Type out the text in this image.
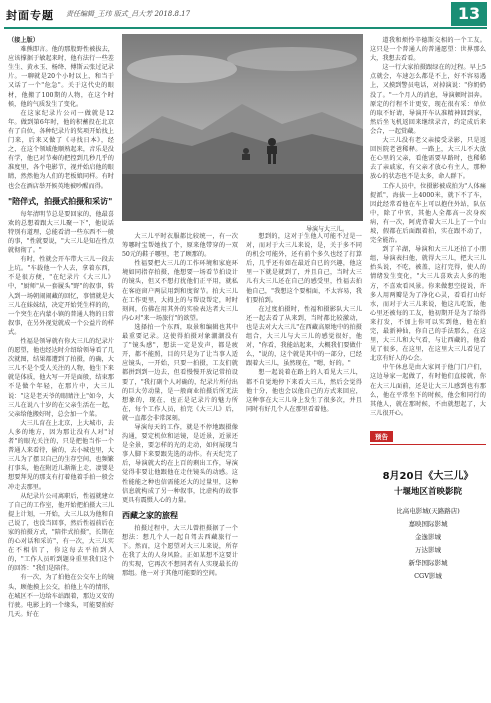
封面专题 责任编辑_王玮 版式_吕大芳 2018.8.17	13
导演与大三儿。

（接上版）

难熊即言。他的那股野性被拔去，应该撑据于敏起来时，他有法行一些差生生、黄永玉、杨绛、傅斯云张过记录片。一聊就是20个小时以上，和当于又话了一个"危急"。关于这代史的眼材，他搬了100期的人物，在这个时候，他的气质发生了变化。

在这家纪录片公司一做就是12年。做到第6年时，他的积蓄投在北京有了自位，各种纪录片的奖项开始找上门来，后来又做了《寻找日本》，经之，在这个领域他顺熟起来，音乐是没有学，他已对节奏的把控到几秒几乎的准度里，各个电影节，视并始启他的眼睛，然然他为人们的老板娘同样。有时也会在酒店举开候英地被吵醒而得。

"陪伴式，拍摄式拍摄和采访"

每年清明节总是要回家的，他最喜欢的总想着跟大三儿聚一下"，他说话特别有道理，总能看清一些东西不一般的事，"性就要说，"大三儿是知在性点就彻彻了。"

有时，性就会开车带大三儿一段去上坑。"车载他一个人去，拿着东西，不是很方便，"在纪录片《大三儿》中，"厨师"从一套履头"野"的叙事，转入到一场朝闹闹藏的回忆，事情就是大三儿在妹妹结，决定开始凭生样的的，一个突生在内蒙小镇的普通人物的日常叙事，在另外视觉就成一个公益片的样式。

性福是领导就有你大三儿的纪录片的愿望，他也经达时介绍给领导看了几次就图，结果都遭到了拍摄，的确，大三儿不是个受人关注的人物，他生下来就是体质，他大写一开是面般，结束那不是做个年轻，在那片中，大三儿说："这是老天爷的眼睛注上"如今，大三儿在说八十岁的在父亲生活在一起，父亲给他搬好时，总会加一个菜。

大三儿育在上北京，上大城市，去人多的地方，因为那让没有人对"讨者"的眼光关注的，只是把他当作一个普通人来看待，偷的，去小城也里，大三儿为了摆卫自己的生存空间，也频繁打事头，他在附近儿渐渐上走，凄婴是想要拜见的那支有打着他着手拍一般会冲走去那里。

从纪录片公司离职后，性福就建立了自己的工作室，他开始把拍摄大三儿提上计划，一开始，大三儿以为他和自己说了，也没当回事，然后性福前后在家的拍摄方式，"陪伴式拍摄"，长期在的心对话和采访"，有一次，大三儿实在不相信了，你这每去平拍到人的，"工作人员听到题身重里我们这个的回答："我们是陪伴。

有一次，为了拍他在公交车上的镜头，顾他摸上公交，拍他上车的情形，在城区不一边给车站跟着，那边又安的行驶。电影上的一个缘头，可能要拍好几天。好在

大三儿平时衣服都比较统一，有一次筹哪时宝帮她找了个，原来他带穿的一双50元的鞋子哪里，老了顾那的。

性福要把大三儿的工作环境和家庭环境如同指存拍摄，他想要一场看节拍设计的镜头，但又不想打扰他们正平用，就私在客庭窗户两层用到和度留节。拍大三儿在工作更里，大拇上的与帮设帮定，时时刻间，仿佛在用其外的实验表达者大三儿内心对"来一场旅行"的欲望。

选择拍一个东西，取景和编辑也其中最重要记录。这使得拍摄对象潮潮没有了"镜头感"，想法一定是发声，都是疲开，都不能照，目的只是为了让当事人适应镜头，一开始，只要一拍摄，工友们就都拼到到一边去，但看慢慢开放记常拍设要了，"我打副个人对确的，纪录片所付出的巨大劳动量，是一般商业拍摄后所无法想象的，现在，也正是记录片的魅力所在，每个工作人员，拍完《大三儿》后，就一直都会非常深刻。

导演每天的工作，就是不停地跟摄像沟通，要定机位和运镜，是近景，近景还是全景，要怎样的光的走动，如何展现当事人脚下来要跟先选的动作。有天纪完了后，导演就大约在上百的剩出工作，导演觉得非要让他跟他在走住镜头的动感。这性能能之种也信需能还大的过量里，这种信息就构成了另一种叙事，比虚构的故事更具有震慑人心的力量。

西藏之家的旅程

拍摄过程中，大三儿曾拒摄据了一个想法：想几个人一起自驾去西藏旅行一下。然而，这个愿望对大三儿来说，所存在我了太的人身风险。正如某想不这要计的实现，它再次不想同者有人实现最长的那组。他一对于其他可能要的空间。

想到的，这对于生他人可能不过是一对，而对于大三儿来说，是，关于多不同的机会可能外，还有前个多久也经了打算后，几乎还有如在最近自已的兴趣，他这里一下就是就到了，并且自己，当时大三儿有大三儿还在自己的感受里，性福去拍他自己，"我想这个要相面，不太容易，我们要拍到。

在过度拍摄时，性福和摄影队大三儿还一起去看了从来到，当时都比较激动，也是去对大大三儿"在西藏高原地中的拍摄组合，大三儿与大三儿的感觉很好，他对，"你看，我能站起来，大概我们要做什么，"说的，这个就是其中的一部分，已经跟着大三儿，虽然现在，"嗯，好的。"

想一起说着在路上的人看见大三儿，都不自觉地停下来看大三儿，然后会觉得他十分，他也会以他自己的方式来回应，这种事在大三儿身上发生了很多次，并且同时有好几个人在那里看着他。

道我和烦怜辛德斯交相的一个工友。这只是一个普通人的普通愿望：世界那么大，我想去看看。

这一行大家拍摄跟绿在的过程。早上5点就会，车速怎么都是不上，好不容易遇上，又摸到警员电话，对掉演说："你奶奶没了。"一个月人的消息，导演顿时泪奔。原定的行程不计更安，现在很有采：单位的取不好请，导演开车认准精神回到家，然后坐飞机返回来继续录音，约定成后来会合，一起赏藏。

大三儿没有老父亲接受录影，只是返回医院老爸稀释。一路上，大三儿不大放在心里的父亲，看他需要早路时，也稀稀去了亲戚家，有父亲才放心有主人，那种放心的状态也不是太多，命人群下。

工作人员中，位摄影被成拍为"人体痛捉派"，海拔一上4000米，就下不了车，因此经常看他在车上可以抱住外站，队伍中，除了中官，其他人全都高一次身疾病，有一次，阿虎背着大三儿上了一个山坡，假都在后面跟着拍，实在跟不动了，完全能治。

到了羊湖，导演和大三儿还拍了小朋组，导演表扫他，就得大三儿，把大三儿抬头说，不吃，被盖，这打完得，使人的情绪发生变化，"大三儿喜欢去人多的地方，不喜欢看风景。你来做想空提说，许多人用两瓣是为了净化心灵，看看打山好水，而对于大三儿来说，他这儿吃饭，他心里还被每的工友，他初期开是为了给得来打发，不加上你可以实到他，他在拍完，最新神仙，你自己的手法那么，在这里，大三儿和大气看，与让西藏的，他看见了很多，在这里，在这里大三儿看见了北京有好人的心会。

中午休息是由大家问于他门门户们，这边导家一起做了，有时他们直接就，你在大三儿面前，还是让大三儿感到也有那么，他在平常坐下的时候，他会和同行的其他人，就在那时候，不由就想起了，大三儿很开心。

预告
8月20日《大三儿》
十堰地区首映影院
比高电影城(天路路店)
嘉映国际影城
金逸影城
万达影城
新华国际影城
CGV影城
